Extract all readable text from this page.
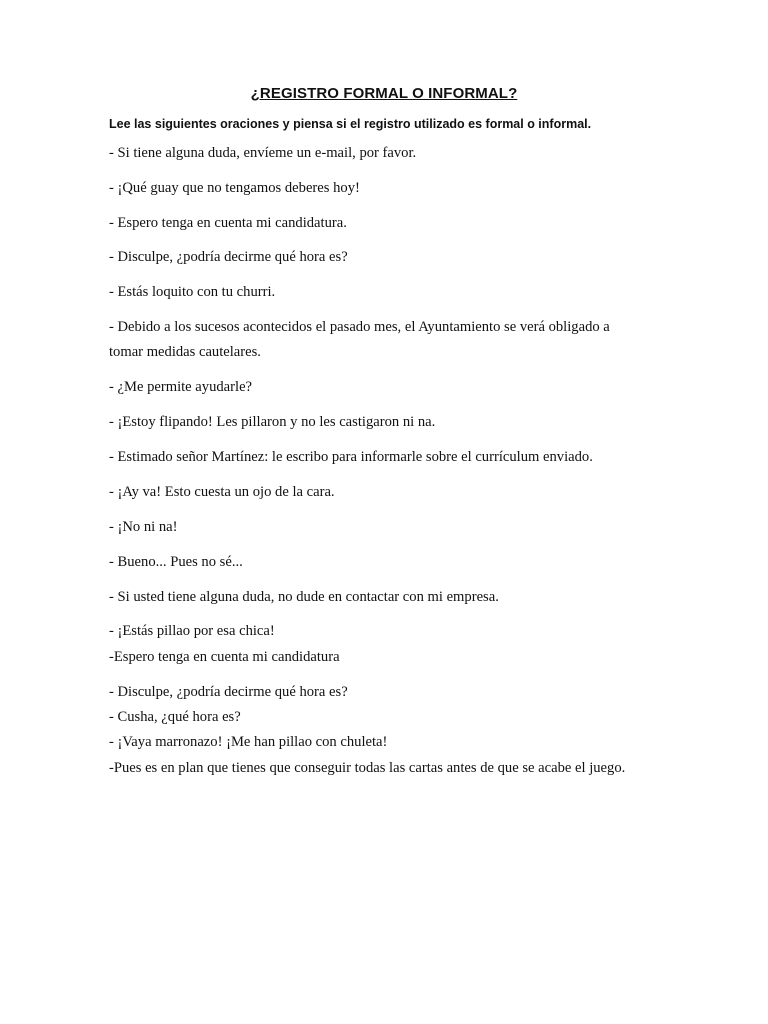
¿REGISTRO FORMAL O INFORMAL?
Lee las siguientes oraciones y piensa si el registro utilizado es formal o informal.
- Si tiene alguna duda, envíeme un e-mail, por favor.
- ¡Qué guay que no tengamos deberes hoy!
- Espero tenga en cuenta mi candidatura.
- Disculpe, ¿podría decirme qué hora es?
- Estás loquito con tu churri.
- Debido a los sucesos acontecidos el pasado mes, el Ayuntamiento se verá obligado a
tomar medidas cautelares.
- ¿Me permite ayudarle?
- ¡Estoy flipando! Les pillaron y no les castigaron ni na.
- Estimado señor Martínez: le escribo para informarle sobre el currículum enviado.
- ¡Ay va! Esto cuesta un ojo de la cara.
- ¡No ni na!
- Bueno... Pues no sé...
- Si usted tiene alguna duda, no dude en contactar con mi empresa.
- ¡Estás pillao por esa chica!
-Espero tenga en cuenta mi candidatura
- Disculpe, ¿podría decirme qué hora es?
- Cusha, ¿qué hora es?
- ¡Vaya marronazo! ¡Me han pillao con chuleta!
-Pues es en plan que tienes que conseguir todas las cartas antes de que se acabe el juego.
